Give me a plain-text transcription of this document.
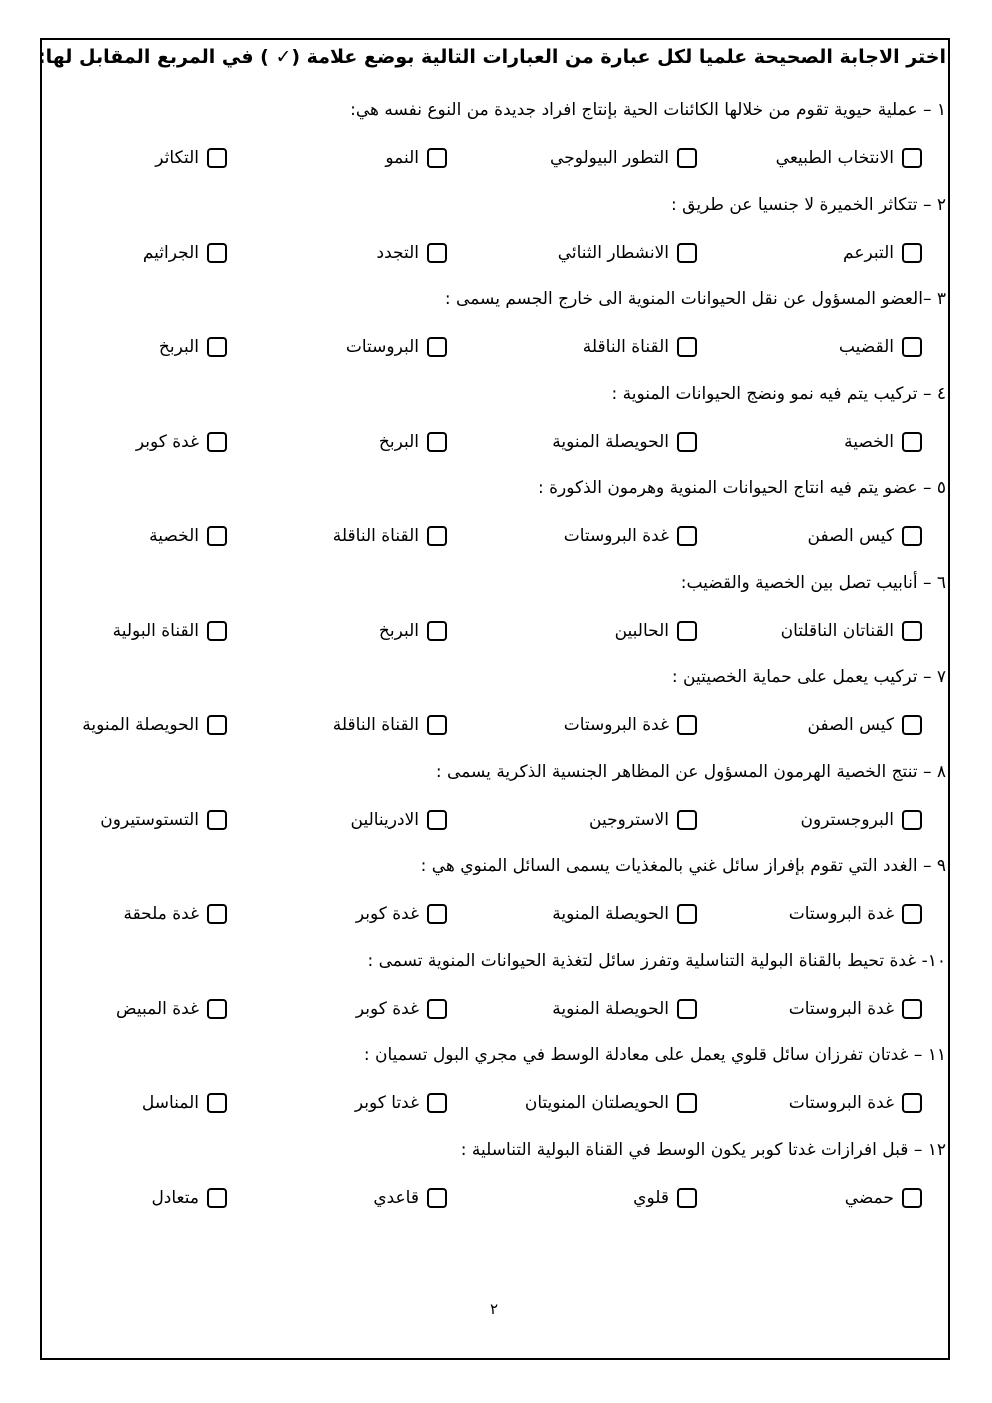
اختر الاجابة الصحيحة علميا لكل عبارة من العبارات التالية بوضع علامة (✓ ) في المربع المقابل لها:
١ – عملية حيوية تقوم من خلالها الكائنات الحية بإنتاج افراد جديدة من النوع نفسه هي:
الانتخاب الطبيعي
التطور البيولوجي
النمو
التكاثر
٢ – تتكاثر الخميرة لا جنسيا عن طريق :
التبرعم
الانشطار الثنائي
التجدد
الجراثيم
٣ –العضو المسؤول عن نقل الحيوانات المنوية الى خارج الجسم يسمى :
القضيب
القناة الناقلة
البروستات
البربخ
٤ – تركيب يتم فيه نمو ونضج الحيوانات المنوية :
الخصية
الحويصلة المنوية
البربخ
غدة كوبر
٥ – عضو يتم فيه انتاج الحيوانات المنوية وهرمون الذكورة :
كيس الصفن
غدة البروستات
القناة الناقلة
الخصية
٦ – أنابيب تصل بين الخصية والقضيب:
القناتان الناقلتان
الحالبين
البربخ
القناة البولية
٧ – تركيب يعمل على حماية الخصيتين :
كيس الصفن
غدة البروستات
القناة الناقلة
الحويصلة المنوية
٨ – تنتج الخصية الهرمون المسؤول عن المظاهر الجنسية الذكرية يسمى :
البروجسترون
الاستروجين
الادرينالين
التستوستيرون
٩ – الغدد التي تقوم بإفراز سائل غني بالمغذيات يسمى السائل المنوي هي :
غدة البروستات
الحويصلة المنوية
غدة كوبر
غدة ملحقة
١٠- غدة تحيط بالقناة البولية التناسلية وتفرز سائل لتغذية الحيوانات المنوية تسمى :
غدة البروستات
الحويصلة المنوية
غدة كوبر
غدة المبيض
١١ – غدتان تفرزان سائل قلوي يعمل على معادلة الوسط في مجري البول تسميان :
غدة البروستات
الحويصلتان المنويتان
غدتا كوبر
المناسل
١٢ – قبل افرازات غدتا كوبر يكون الوسط في القناة البولية التناسلية :
حمضي
قلوي
قاعدي
متعادل
٢
